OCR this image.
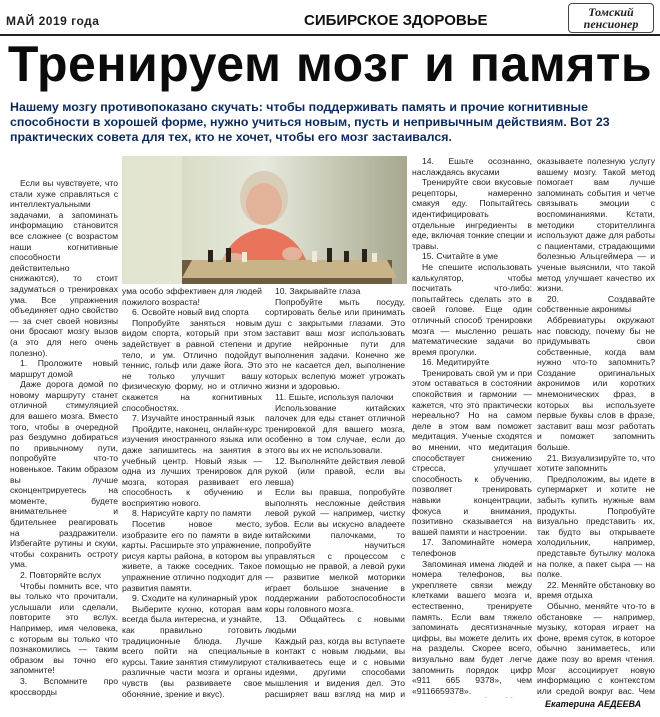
МАЙ 2019 года	СИБИРСКОЕ ЗДОРОВЬЕ	Томский
пенсионер
Тренируем мозг и память
Нашему мозгу противопоказано скучать: чтобы поддерживать память и прочие когнитивные способности в хорошей форме, нужно учиться новым, пусть и непривычным действиям. Вот 23 практических совета для тех, кто не хочет, чтобы его мозг застаивался.

Если вы чувствуете, что стали хуже справляться с интеллектуальными задачами, а запоминать информацию становится все сложнее (с возрастом наши когнитивные способности действительно снижаются), то стоит задуматься о тренировках ума. Все упражнения объединяет одно свойство — за счет своей новизны они бросают мозгу вызов (а это для него очень полезно).

1. Проложите новый маршрут домой

Даже дорога домой по новому маршруту станет отличной стимуляцией для вашего мозга. Вместо того, чтобы в очередной раз бездумно добираться по привычному пути, попробуйте что-то новенькое. Таким образом вы лучше сконцентрируетесь на моменте, будете внимательнее и бдительнее реагировать на раздражители. Избегайте рутины и скуки, чтобы сохранить остроту ума.

2. Повторяйте вслух

Чтобы помнить все, что вы только что прочитали, услышали или сделали, повторите это вслух. Например, имя человека, с которым вы только что познакомились — таким образом вы точно его запомните!

3. Вспомните про кроссворды

ума особо эффективен для людей пожилого возраста!

6. Освойте новый вид спорта

Попробуйте заняться новым видом спорта, который при этом задействует в равной степени и тело, и ум. Отлично подойдут теннис, гольф или даже йога. Это не только улучшит вашу физическую форму, но и отлично скажется на когнитивных способностях.

7. Изучайте иностранный язык

Пройдите, наконец, онлайн-курс изучения иностранного языка или даже запишитесь на занятия в учебный центр. Новый язык — одна из лучших тренировок для мозга, которая развивает его способность к обучению и восприятию нового.

8. Нарисуйте карту по памяти

Посетив новое место, изобразите его по памяти в виде карты. Расширьте это упражнение, рисуя карты района, в котором вы живете, а также соседних. Такое упражнение отлично подходит для развития памяти.

9. Сходите на кулинарный урок

Выберите кухню, которая вам всегда была интересна, и узнайте, как правильно готовить традиционные блюда. Лучше всего пойти на специальные курсы. Такие занятия стимулируют различные части мозга и органы чувств (вы развиваете свое обоняние, зрение и вкус).

10. Закрывайте глаза

Попробуйте мыть посуду, сортировать белье или принимать душ с закрытыми глазами. Это заставит ваш мозг использовать другие нейронные пути для выполнения задачи. Конечно же это не касается дел, выполнение которых вслепую может угрожать жизни и здоровью.

11. Ешьте, используя палочки

Использование китайских палочек для еды станет отличной тренировкой для вашего мозга, особенно в том случае, если до этого вы их не использовали.

12. Выполняйте действия левой рукой (или правой, если вы левша)

Если вы правша, попробуйте выполнять несложные действия левой рукой — например, чистку зубов. Если вы искусно владеете китайскими палочками, то попробуйте научиться управляться с процессом с помощью не правой, а левой руки — развитие мелкой моторики играет большое значение в поддержании работоспособности коры головного мозга.

13. Общайтесь с новыми людьми

Каждый раз, когда вы вступаете в контакт с новым людьми, вы сталкиваетесь еще и с новыми идеями, другими способами мышления и видения дел. Это расширяет ваш взгляд на мир и

14. Ешьте осознанно, наслаждаясь вкусами

Тренируйте свои вкусовые рецепторы, намеренно смакуя еду. Попытайтесь идентифицировать отдельные ингредиенты в еде, включая тонкие специи и травы.

15. Считайте в уме

Не спешите использовать калькулятор, чтобы посчитать что-либо: попытайтесь сделать это в своей голове. Еще один отличный способ тренировки мозга — мысленно решать математические задачи во время прогулки.

16. Медитируйте

Тренировать свой ум и при этом оставаться в состоянии спокойствия и гармонии — кажется, что это практически нереально? Но на самом деле в этом вам поможет медитация. Ученые сходятся во мнении, что медитация способствует снижению стресса, улучшает способность к обучению, позволяет тренировать навыки концентрации, фокуса и внимания, позитивно сказывается на вашей памяти и настроении.

17. Запоминайте номера телефонов

Запоминая имена людей и номера телефонов, вы укрепляете связи между клетками вашего мозга и, естественно, тренируете память. Если вам тяжело запоминать десятизначные цифры, вы можете делить их на разделы. Скорее всего, визуально вам будет легче запомнить порядок цифр «911 665 9378», чем «9116659378».

оказываете полезную услугу вашему мозгу. Такой метод помогает вам лучше запоминать события и четче связывать эмоции с воспоминаниями. Кстати, методики сторителлинга используют даже для работы с пациентами, страдающими болезнью Альцгеймера — и ученые выяснили, что такой метод улучшает качество их жизни.

20. Создавайте собственные акронимы

Аббревиатуры окружают нас повсюду, почему бы не придумывать свои собственные, когда вам нужно что-то запомнить? Создание оригинальных акронимов или коротких мнемонических фраз, в которых вы используете первые буквы слов в фразе, заставит ваш мозг работать и поможет запомнить больше.

21. Визуализируйте то, что хотите запомнить

Предположим, вы идете в супермаркет и хотите не забыть купить нужные вам продукты. Попробуйте визуально представить их, так будто вы открываете холодильник, например, представьте бутылку молока на полке, а пакет сыра — на полке.

22. Меняйте обстановку во время отдыха

Обычно, меняйте что-то в обстановке — например, музыку, которая играет на фоне, время суток, в которое обычно занимаетесь, или даже позу во время чтения. Мозг ассоциирует новую информацию с контекстом или средой вокруг вас. Чем

Екатерина АЕДЕЕВА
